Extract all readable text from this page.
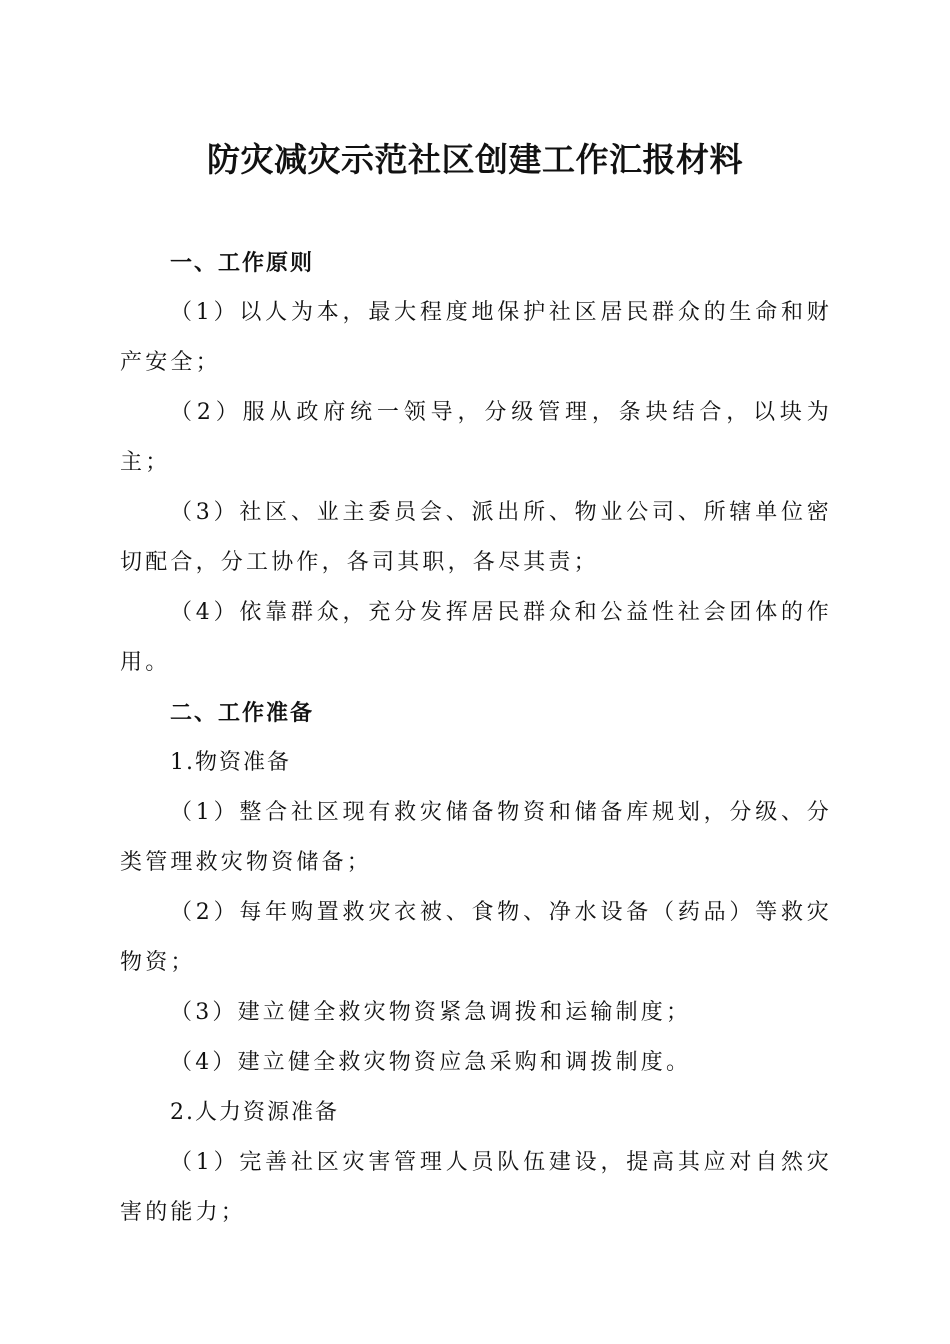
防灾减灾示范社区创建工作汇报材料

一、工作原则

（1）以人为本，最大程度地保护社区居民群众的生命和财产安全；

（2）服从政府统一领导，分级管理，条块结合，以块为主；

（3）社区、业主委员会、派出所、物业公司、所辖单位密切配合，分工协作，各司其职，各尽其责；

（4）依靠群众，充分发挥居民群众和公益性社会团体的作用。

二、工作准备

1.物资准备

（1）整合社区现有救灾储备物资和储备库规划，分级、分类管理救灾物资储备；

（2）每年购置救灾衣被、食物、净水设备（药品）等救灾物资；

（3）建立健全救灾物资紧急调拨和运输制度；

（4）建立健全救灾物资应急采购和调拨制度。

2.人力资源准备

（1）完善社区灾害管理人员队伍建设，提高其应对自然灾害的能力；
